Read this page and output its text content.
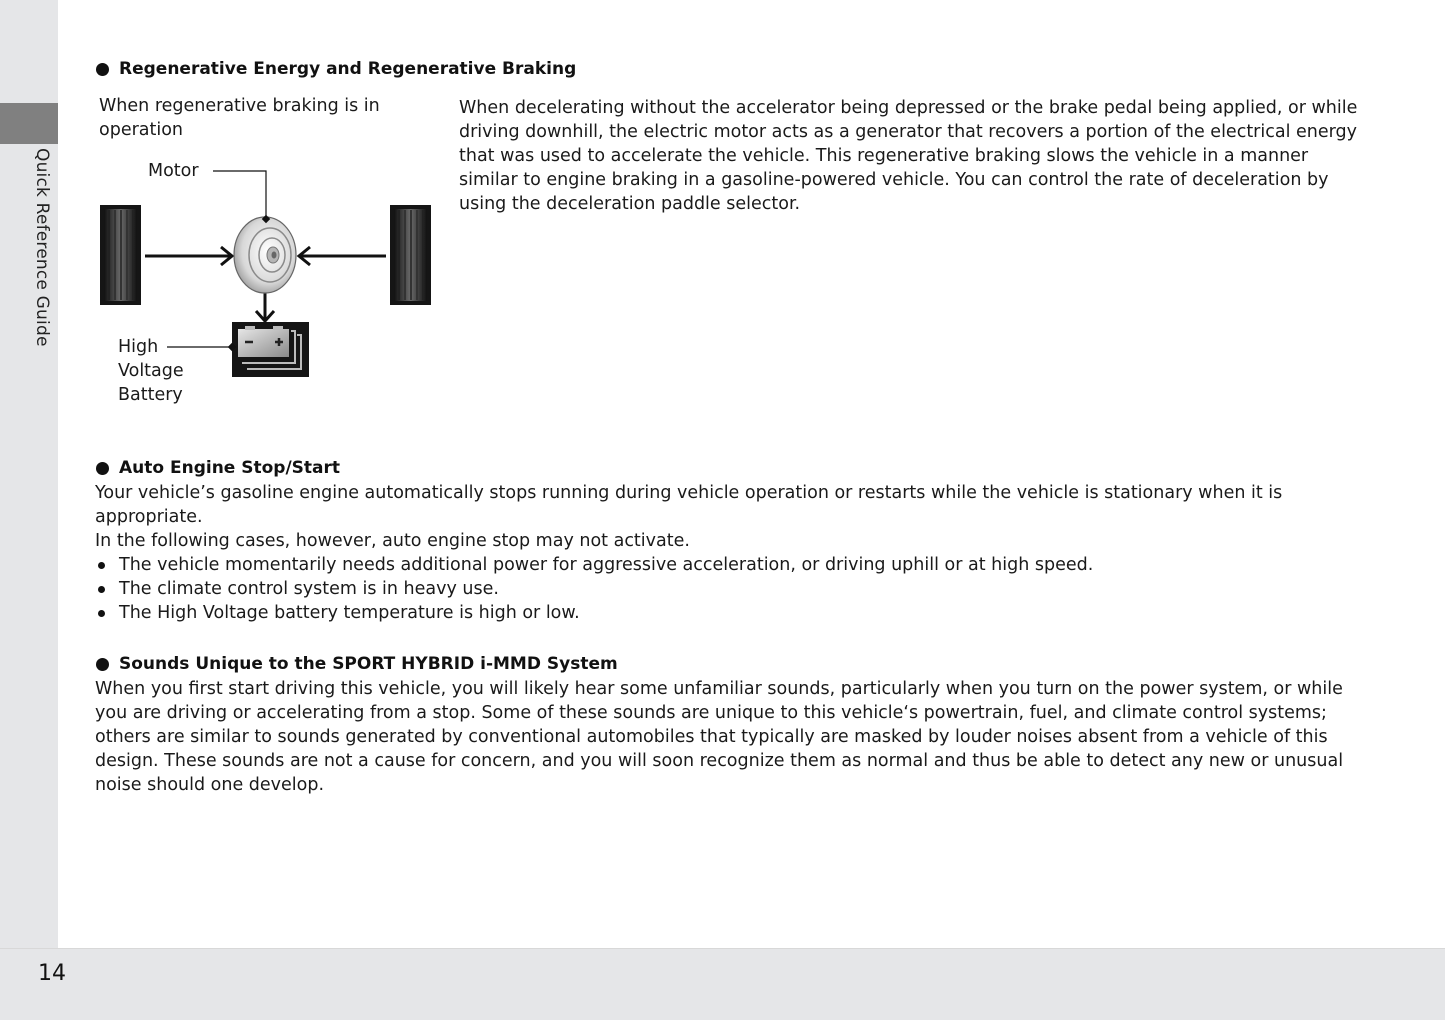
Quick Reference Guide
14
Regenerative Energy and Regenerative Braking
When regenerative braking is in operation
Motor
High
Voltage
Battery
When decelerating without the accelerator being depressed or the brake pedal being applied, or while driving downhill, the electric motor acts as a generator that recovers a portion of the electrical energy that was used to accelerate the vehicle. This regenerative braking slows the vehicle in a manner similar to engine braking in a gasoline-powered vehicle. You can control the rate of deceleration by using the deceleration paddle selector.
Auto Engine Stop/Start
Your vehicle’s gasoline engine automatically stops running during vehicle operation or restarts while the vehicle is stationary when it is appropriate.
In the following cases, however, auto engine stop may not activate.
The vehicle momentarily needs additional power for aggressive acceleration, or driving uphill or at high speed.
The climate control system is in heavy use.
The High Voltage battery temperature is high or low.
Sounds Unique to the SPORT HYBRID i-MMD System
When you first start driving this vehicle, you will likely hear some unfamiliar sounds, particularly when you turn on the power system, or while you are driving or accelerating from a stop. Some of these sounds are unique to this vehicle‘s powertrain, fuel, and climate control systems; others are similar to sounds generated by conventional automobiles that typically are masked by louder noises absent from a vehicle of this design. These sounds are not a cause for concern, and you will soon recognize them as normal and thus be able to detect any new or unusual noise should one develop.
